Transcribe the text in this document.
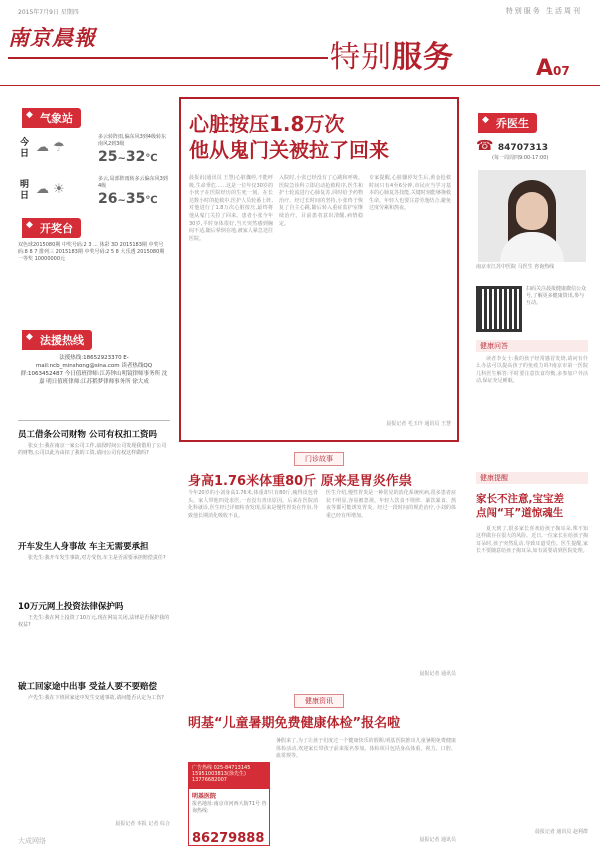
2015年7月9日 星期四	特别服务 生活周刊
南京晨報
特别服务	A07
◆ 气象站
今日 ☁ ☂
多云转阵雨,偏东风3到4级转东南风2到3级
25~32℃
明日 ☁ ☀
多云,局部阵雨转多云偏东风3到4级
26~35℃
◆ 开奖台
双色球2015080期 中奖号码:2 3 ... 体彩 3D 2015183期 中奖号码:8 8 7 排列三 2015183期 中奖号码:2 5 8 大乐透 2015080期 一等奖 10000000元
◆ 法援热线
法援热线:18652923370 E-mail:ncb_minshong@sina.com 读者热线QQ群:1063452487 今日值班律师:江苏钟山明镜律师事务所 沈 嘉 明日值班律师:江苏稻梦律师事务所 徐大成
员工借条公司财物 公司有权扣工资吗

张女士:我在南京一家公司工作,前段时间公司发现我借用了公司的财物,公司以此为由扣了我的工资,请问公司有权这样做吗?

开车发生人身事故 车主无需要承担

张先生:我开车发生事故,对方受伤,车主是否需要承担赔偿责任?

10万元网上投资法律保护吗

王先生:我在网上投资了10万元,现在网站关闭,法律是否保护我的权益?

破工回家途中出事 受益人要不要赔偿

卢先生:我在下班回家途中发生交通事故,请问能否认定为工伤?

晨报记者 本报 记者 综合
心脏按压1.8万次
他从鬼门关被拉了回来
晨报讯(通讯员 王慧)心脏骤停,不能呼吸,生命垂危……这是一位年仅30岁的小伙子在医院经历的生死一刻。在长达数小时的抢救中,医护人员轮番上阵,对他进行了1.8万次心脏按压,最终将他从鬼门关拉了回来。患者小张今年30岁,平时身体很好,当天突然感到胸闷不适,随后晕倒在地,被家人紧急送往医院。
入院时,小张已经没有了心跳和呼吸。医院急诊科立即启动抢救程序,医生和护士轮流进行心肺复苏,同时给予药物治疗。经过长时间的坚持,小张终于恢复了自主心跳,随后转入重症监护室继续治疗。目前患者意识清醒,病情稳定。
专家提醒,心脏骤停发生后,黄金抢救时间只有4至6分钟,市民应当学习基本的心肺复苏技能,关键时刻能够挽救生命。年轻人也要注意劳逸结合,避免过度劳累和熬夜。
晨报记者 毛玉玲 通讯员 王慧
门诊故事
身高1.76米体重80斤 原来是胃炎作祟
今年20岁的小刘身高1.76米,体重却只有80斤,瘦得皮包骨头。家人带他四处求医,一直没有查出原因。后来在医院消化科就诊,医生经过详细检查发现,原来是慢性胃炎在作祟,导致他长期消化吸收不良。
医生介绍,慢性胃炎是一种常见的消化系统疾病,很多患者症状不明显,容易被忽视。年轻人饮食不规律、暴饮暴食、熬夜等都可能诱发胃炎。经过一段时间的规范治疗,小刘的体重已经有所增加。
晨报记者 通讯员
健康资讯
明基“儿童暑期免费健康体检”报名啦
暑假来了,为了让孩子们度过一个健康快乐的假期,明基医院推出儿童暑期免费健康体检活动,欢迎家长带孩子前来报名参加。体检项目包括身高体重、视力、口腔、血常规等。
晨报记者 通讯员
广告热线 025-84713145 15951003813(徐先生) 13776682007
明基医院
报名地址:南京市河西大街71号 咨询热线:
86279888
◆ 乔医生
☎ 84707313
(每一周周四9:00-17:00)
南京市江苏中医院 马医生 咨询热线
扫码关注晨报健康微信公众号,了解更多健康资讯,参与互动。
健康问答
读者李女士:我的孩子经常感冒发烧,请问有什么办法可以提高孩子的免疫力吗?南京市第一医院儿科医生解答:平时要注意饮食均衡,多参加户外活动,保证充足睡眠。
健康提醒
家长不注意,宝宝差
点闯“耳”道惊魂生
夏天到了,很多家长喜欢给孩子掏耳朵,殊不知这样做存在很大的风险。近日,一位家长在给孩子掏耳朵时,孩子突然乱动,导致耳道受伤。医生提醒,家长不要随意给孩子掏耳朵,如有需要请到医院处理。
晨报记者 通讯员 赵利群
大成网络
